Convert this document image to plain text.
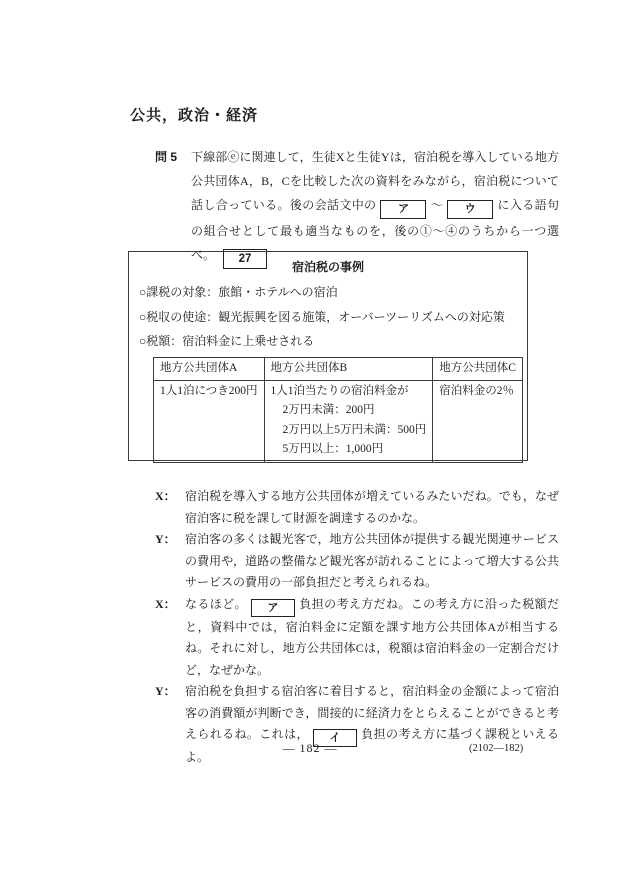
公共，政治・経済
問 5	下線部ⓔに関連して，生徒Xと生徒Yは，宿泊税を導入している地方公共団体A，B，Cを比較した次の資料をみながら，宿泊税について話し合っている。後の会話文中の ア 〜 ウ に入る語句の組合せとして最も適当なものを，後の①〜④のうちから一つ選べ。 27
宿泊税の事例
○課税の対象：旅館・ホテルへの宿泊
○税収の使途：観光振興を図る施策，オーバーツーリズムへの対応策
○税額：宿泊料金に上乗せされる
地方公共団体A	地方公共団体B	地方公共団体C

1人1泊につき200円	1人1泊当たりの宿泊料金が
2万円未満：200円
2万円以上5万円未満：500円
5万円以上：1,000円	宿泊料金の2％
X： 宿泊税を導入する地方公共団体が増えているみたいだね。でも，なぜ宿泊客に税を課して財源を調達するのかな。
Y： 宿泊客の多くは観光客で，地方公共団体が提供する観光関連サービスの費用や，道路の整備など観光客が訪れることによって増大する公共サービスの費用の一部負担だと考えられるね。
X： なるほど。 ア 負担の考え方だね。この考え方に沿った税額だと，資料中では，宿泊料金に定額を課す地方公共団体Aが相当するね。それに対し，地方公共団体Cは，税額は宿泊料金の一定割合だけど，なぜかな。
Y： 宿泊税を負担する宿泊客に着目すると，宿泊料金の金額によって宿泊客の消費額が判断でき，間接的に経済力をとらえることができると考えられるね。これは， イ 負担の考え方に基づく課税といえるよ。
— 182 —	(2102—182)
